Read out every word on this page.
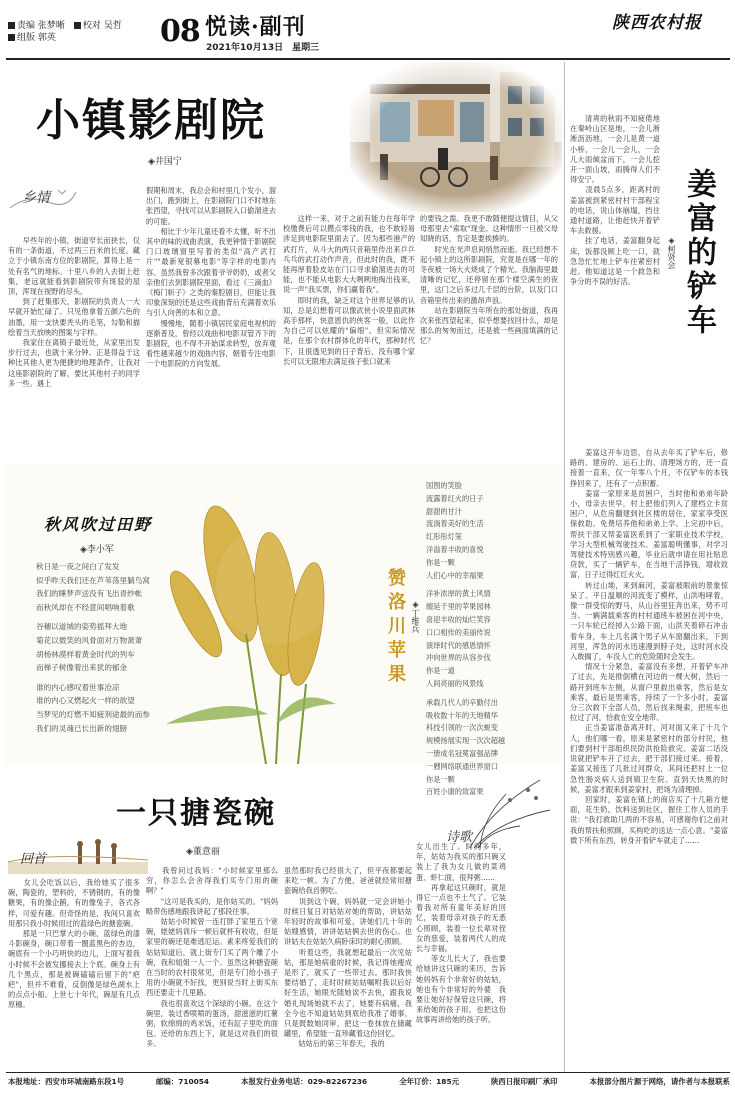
责编 张梦晰　 校对 吴哲
组版 郭英	08 悦读·副刊
2021年10月13日　 星期三
陕西农村报
小镇影剧院
◈井国宁
乡情
　　早些年的小镇，街道窄长而狭长，仅有的一条街道，不过两三百米的长度。藏立于小镇东南方位的影剧院，算得上是一处有名气的地标。十里八乡的人去街上赶集，老远就能看到影剧院带有斑驳的屋顶，浑现在视野的尽头。
　　到了赶集那天，影剧院的负责人一大早就开始忙碌了。只见他拿着五颜六色的油墨，用一支快要秃头的毛笔，勾勒和描绘着当天放映的图案与字样。
　　我家住在离镇子最近处，从家里出发步行过去，也就十来分钟。正是得益于这种比其他人更为便捷的地理条件，让我对这座影剧院的了解，要比其他村子的同学多一些。遇上
假期和周末，我总会和村里几个发小，溜出门，跑到街上，在影剧院门口不时地东张西望，寻找可以从影剧院入口偷溜进去的可能。
　　相比于少年儿童还看不太懂，听不出其中的味的戏曲表演，我更钟情于影剧院门口玻璃窗里写着的类似"高产武打片""最新宽银幕电影"等字样的电影内容。虽然我曾多次跟着爷爷奶奶，或者父亲他们去到影剧院里面，看过《三滴血》《梅门斩子》之类的秦腔剧目，但能让我印象深刻的还是这些戏曲背后充满着欢乐与引人向善的本和立意。
　　慢慢地，随着小镇居民家庭电视机的逐渐普及，曾经以戏曲和电影双管齐下的影剧院，也不得不开始谋求转型，放弃观看性越来越少的戏曲内容，朝着专注电影一个电影院的方向发展。
　　这样一来，对于之前有能力在每年学校缴费后可以攒点零钱的我，也不敢轻易涉足到电影院里面去了。因为那些港产的武打片，从斗大的两只音箱里传出来乒乒乓乓的武打动作声音，但此时的我，既不能再厚着脸皮站在门口寻求偷溜进去的可能，也不能从电影大大咧咧地掏出钱来，说一声"我买票，你们赢着我"。
　　即时的我，缺乏对这个世界足够的认知，总是幻想着可以像武侠小说里面武林高手那样，快意恩仇的侠客一般，以此作为自己可以炫耀的"偏细"。但实际情况是，在那个农村群体化的年代，那种时代下，且很透见到的日子背后，没有哪个家长可以无限地去满足孩子张口就来
的要钱之需。我更不敢随便提这情目，从父母那里去"索取"现金。这种情形一旦被父母知晓的话，肯定是要挨揍的。
　　时光在光声息间悄然而逝。我已经想不起小镇上的这所影剧院，究竟是在哪一年的冬夜被一场大火烧成了个精光。我脑海里最清晰的记忆，还停留在那个楼空满生的夜里，这门之后多过几千层的台阶，以及门口音箱里传出来的激昂声浪。
　　站在影剧院当年所在的那处街道，我再次来张西望起来，似乎想要找回什么，却是那么的匆匆而过，还是被一些画面填满的记忆？
　　清爽的秋雨不知疲倦地在秦岭山区是地，一会儿淅淅沥沥地，一会儿是黄一道小桥，一会儿一会儿，一会儿大雨倾盆而下，一会儿挖开一面山坡，雨腾得人们不得安宁。
　　凌晨5点多，距离村的姜富被到紧密村村干部程宝的电话，说山体崩塌，挡住通村道路，让他赶快开着铲车去救援。
　　挂了电话，姜富翻身起床，饭都没顾上吃一口，就急急忙忙地上铲车往紧密村赶。他知道这是一个救急和争分的不误的好活。	姜富的铲车
◈柯贤会
　　姜富这开车边思，自从去年买了铲车后，修路的、建房的、运石上的、清理场方的，还一直接着一直来，仅一年零八个月，不仅铲车的本钱挣回来了，还有了一点积蓄。
　　姜富一家原来是贫困户，当时他和弟弟年龄小，母亲去世早，村上把他们列入了建档立卡贫困户，从危房翻建到社区楼的居住，家家享受医保救助。免费培养他和弟弟上学。上完初中后，帮扶干部又帮姜富医系到了一家职业技术学校，学习大型机械驾驶技术。姜富聪明懂事，对学习驾驶技术特别感兴趣，毕业后就申请在用社贴息贷款，买了一辆铲车，在当地干活挣钱，增收致富，日子过得红红火火。
　　转过山坳，来到麻河，姜富被眼前的景象惊呆了。平日温顺的河流变了模样，山洪咆哮着，像一群受惊的野马，从山谷里狂奔出来，势不可当。一辆满载乘客的村村通班车被困在河中央，一只车轮已经掉入公路下面，山洪夹着碎石冲击着车身，车上几名满个男子从车窗翻出来，下到河里，浑急的河水迅速漫到脖子处，这时河水没入敢搁了，车没人亡的危险随时会发生。
　　情况十分紧急，姜富没有多想，开着铲车冲了过去，先是推倒横在河边的一棵大树，然后一路开到班车左侧，从窗户里救出乘客，然后是女乘客，最后是男乘客，持续了一个多小时，姜富分三次救下全部人员，然后找来绳索，把班车也拉过了河，恰救在安全地带。
　　正当姜富准备离开时，河对面又来了十几个人，他们哪一看，原来是紧密村的部分村民，他们要到村干部组织民防洪抢险救灾。姜富二话没说就把铲车开了过去，把干部们接过来。接着，姜富又接连了几批过河群众，其间还把村上一位急性肠炎病人送到镇卫生院。直到天快黑的时候，姜富才跟来到姜家村，把场为清理掉。
　　回家时，姜富在镇上的商店买了十几箱方便面，花生奶，饮料送到社区，握住工作人员的手说："我打救助几两的不容易，可感谢你们之前对我的帮扶和照顾，买构吃的送达一点心意。"姜富微下所有东西，转身开着铲车就走了……
秋风吹过田野
◈李小军
秋日是一夜之间白了发发
似乎昨天我们还在芦苇荡里躺鸟窝
我们的睡梦声送没有飞出青纱帐
而秋风却在不经意间唱响着歌
谷穗以道城的姿势摇拜大地
菊花以微笑的风骨面对万物萧萧
胡杨林漠样着黄金时代的列车
而梯子树像着出来犹的郁金
谁的内心感叹着世事沧凉
谁的内心又燃起火一样的欲望
当梦见的灯燃不知疲剂途最的而参
我们的灵魂已长出新的翅膀
赞洛川苹果 ◈丁维兵
国图的笑脸
流露着红火的日子
甜甜的甘汁
流淌着美好的生活
红彤彤灯笼
洋溢着丰收的喜悦
你是一颗
人们心中的幸福果
洋补浓厚的黄土风情
缠延千里的苹果园林
喜迎丰收的灿烂笑容
口口相传的美丽传说
演绎时代的感恩情怀
冲向世界的从容步伐
你是一道
人间亮丽的风景线
承载几代人的辛勤付出
吸收数十年的天地精华
科技引领的一次次蜕变
规模扬展实现一次次超越
一册成名冠冕富强品牌
一艘网络联通世界窗口
你是一颗
百姓小康的致富果
诗歌
一只搪瓷碗
◈董意丽
回首
　　女儿会吃饭以后，我给她买了很多碗，陶瓷的，塑料的，不锈钢的，有的像糖果，有的像企鹅，有的像兔子，各式各样，可爱有趣。但奇怪的是，我间只喜欢用那只我小时候用过的蓝绿色的搪瓷碗。
　　那是一只巴掌大的小碗，蓝绿色的漆斗影碗身，碗口带着一圈蓝黑色的杏边，碗底有一个小巧明快的边儿，上面写着我小时候不会被发挪接去上个底。碗身上有几个黑点，那是被碗磕磕后留下的"疤疤"，但并不难看，反倒像是绿色湖水上的点点小船。上世七十年代，碗屋有几点原穗。
　　我曾问过我妈："小时候家里那么穷，你怎么会舍得我们买专门用的碗啊？"
　　"这可是我买的，是你姑买的。"妈妈略带伤感地跟我讲起了那段往事。
　　姑姑小时候曾一连打胖了家里五个宽碗，姥姥妈训斥一顿后就杯有收收，但是家里的碗还是难逃厄运。素来疼爱我们的姑姑知道后，就上街专门买了两个雕了小碗，我和姐姐一人一个。虽然这种搪瓷碗在当时的农村很常见，但是专门给小孩子用的小碗就不好找，更别说当时上街买东西还要走十几里路。
　　我也很喜欢这个深绿的小碗。在这个碗里，装过香喷喷的蛋汤，甜滋滋的红薯粥，软绵绵的鸡米饭，还有缸子里吃的面包。还给的东西上下，就是这对我们的很多。
虽然那时我已经很大了，但平夜都要起来吃一顿。为了方便，爸爸就经常用搪瓷碗给我舀粥吃。
　　说到这个碗，妈妈就一定会讲她小时候日复日对姑姑对她的帮助，讲姑姑年轻时的故事和可爱，讲她们几十年的姑嫂感情，讲讲姑姑俩去世的伤心。也讲姑夫在姑姑久病卧床时的耐心照顾。
　　听着这些，我就想起最后一次见姑姑，那是她病重的时候，我记得她痩成是形了，就买了一些带过去。那时我快要结婚了，走时时候姑姑嘱咐我以后好好生活，她眼光随她诶不去快，跟我说婚礼现场她就不去了，她要有病痛，我全今也不知道姑姑到底给我准了婚事，只是既数她同审，把这一卷抹放在储藏罐里，希望能一直珍藏着这份回忆。
　　姑姑后的第三年春天，我的
女儿出生了。时间多年，年，姑姑为我买的那只碗又装上了我为女儿做的菜鸡蛋、虾仁面，很拜粥……
　　再拿起这只碗时，就是得它一点也不土气了。它装着我对所有童年美好的回忆，装着母亲对孩子的无悉心照顾，装着一位长辈对侄女的慈爱，装着两代人的成长与幸福。
　　等女儿长大了，我也要给她讲这只碗的来历，告诉她妈妈有个非常好的姑姑，她也有个非常好的外婆　我要让她好好保管这只碗，将来给她的孩子用，也把这份故事再讲给她的孩子听。
本报地址：西安市环城南路东段1号	邮编：710054	本报发行业务电话：029-82267236	全年订价：185元	陕西日报印刷厂承印	本报部分图片源于网络，请作者与本报联系
